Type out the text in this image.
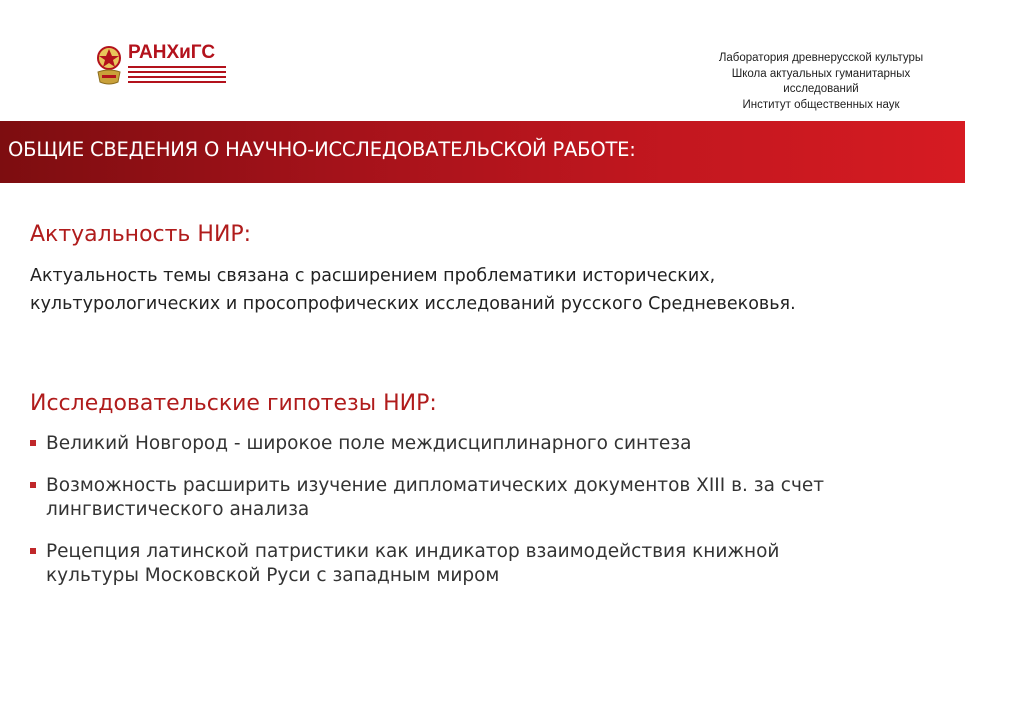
РАНХиГС	Лаборатория древнерусской культуры
Школа актуальных гуманитарных
исследований
Институт общественных наук
ОБЩИЕ СВЕДЕНИЯ О НАУЧНО-ИССЛЕДОВАТЕЛЬСКОЙ РАБОТЕ:
Актуальность НИР:
Актуальность темы связана с расширением проблематики исторических,
культурологических и просопрофических исследований русского Средневековья.
Исследовательские гипотезы НИР:
Великий Новгород - широкое поле междисциплинарного синтеза
Возможность расширить изучение дипломатических документов XIII в. за счет
лингвистического анализа
Рецепция латинской патристики как индикатор взаимодействия книжной
культуры Московской Руси с западным миром
